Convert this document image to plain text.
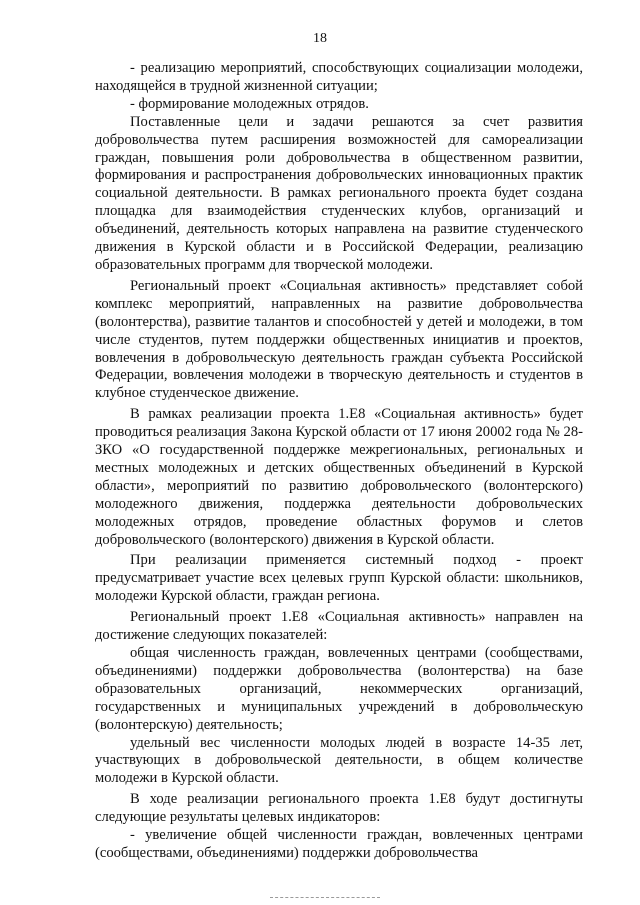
18

- реализацию мероприятий, способствующих социализации молодежи, находящейся в трудной жизненной ситуации;

- формирование молодежных отрядов.

Поставленные цели и задачи решаются за счет развития добровольчества путем расширения возможностей для самореализации граждан, повышения роли добровольчества в общественном развитии, формирования и распространения добровольческих инновационных практик социальной деятельности. В рамках регионального проекта будет создана площадка для взаимодействия студенческих клубов, организаций и объединений, деятельность которых направлена на развитие студенческого движения в Курской области и в Российской Федерации, реализацию образовательных программ для творческой молодежи.

Региональный проект «Социальная активность» представляет собой комплекс мероприятий, направленных на развитие добровольчества (волонтерства), развитие талантов и способностей у детей и молодежи, в том числе студентов, путем поддержки общественных инициатив и проектов, вовлечения в добровольческую деятельность граждан субъекта Российской Федерации, вовлечения молодежи в творческую деятельность и студентов в клубное студенческое движение.

В рамках реализации проекта 1.Е8 «Социальная активность» будет проводиться реализация Закона Курской области от 17 июня 20002 года № 28-ЗКО «О государственной поддержке межрегиональных, региональных и местных молодежных и детских общественных объединений в Курской области», мероприятий по развитию добровольческого (волонтерского) молодежного движения, поддержка деятельности добровольческих молодежных отрядов, проведение областных форумов и слетов добровольческого (волонтерского) движения в Курской области.

При реализации применяется системный подход - проект предусматривает участие всех целевых групп Курской области: школьников, молодежи Курской области, граждан региона.

Региональный проект 1.Е8 «Социальная активность» направлен на достижение следующих показателей:

общая численность граждан, вовлеченных центрами (сообществами, объединениями) поддержки добровольчества (волонтерства) на базе образовательных организаций, некоммерческих организаций, государственных и муниципальных учреждений в добровольческую (волонтерскую) деятельность;

удельный вес численности молодых людей в возрасте 14-35 лет, участвующих в добровольческой деятельности, в общем количестве молодежи в Курской области.

В ходе реализации регионального проекта 1.Е8 будут достигнуты следующие результаты целевых индикаторов:

- увеличение общей численности граждан, вовлеченных центрами (сообществами, объединениями) поддержки добровольчества
